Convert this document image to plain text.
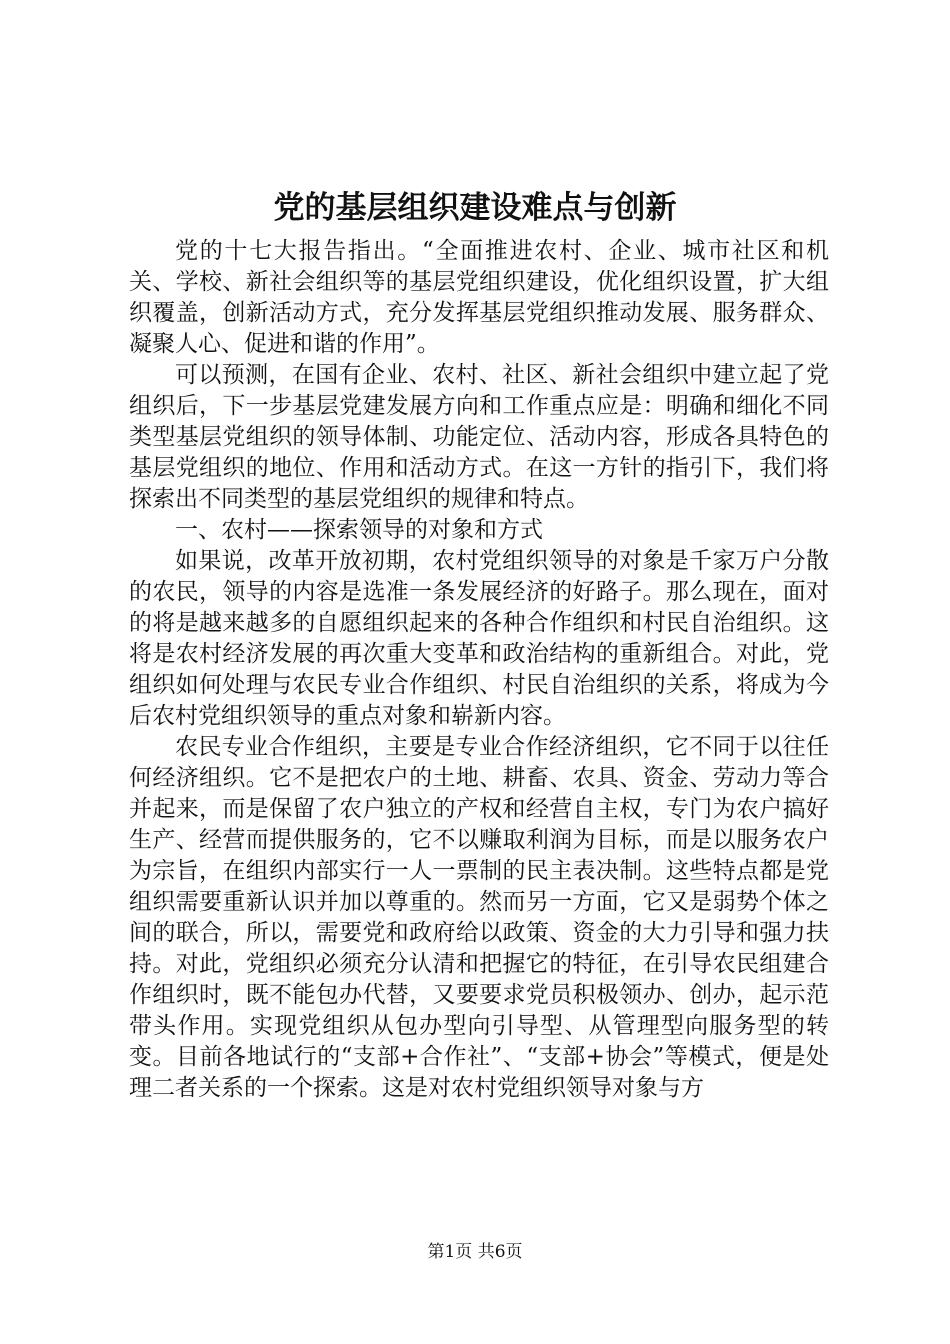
党的基层组织建设难点与创新

党的十七大报告指出。“全面推进农村、企业、城市社区和机关、学校、新社会组织等的基层党组织建设，优化组织设置，扩大组织覆盖，创新活动方式，充分发挥基层党组织推动发展、服务群众、凝聚人心、促进和谐的作用”。

可以预测，在国有企业、农村、社区、新社会组织中建立起了党组织后，下一步基层党建发展方向和工作重点应是：明确和细化不同类型基层党组织的领导体制、功能定位、活动内容，形成各具特色的基层党组织的地位、作用和活动方式。在这一方针的指引下，我们将探索出不同类型的基层党组织的规律和特点。

一、农村——探索领导的对象和方式

如果说，改革开放初期，农村党组织领导的对象是千家万户分散的农民，领导的内容是选准一条发展经济的好路子。那么现在，面对的将是越来越多的自愿组织起来的各种合作组织和村民自治组织。这将是农村经济发展的再次重大变革和政治结构的重新组合。对此，党组织如何处理与农民专业合作组织、村民自治组织的关系，将成为今后农村党组织领导的重点对象和崭新内容。

农民专业合作组织，主要是专业合作经济组织，它不同于以往任何经济组织。它不是把农户的土地、耕畜、农具、资金、劳动力等合并起来，而是保留了农户独立的产权和经营自主权，专门为农户搞好生产、经营而提供服务的，它不以赚取利润为目标，而是以服务农户为宗旨，在组织内部实行一人一票制的民主表决制。这些特点都是党组织需要重新认识并加以尊重的。然而另一方面，它又是弱势个体之间的联合，所以，需要党和政府给以政策、资金的大力引导和强力扶持。对此，党组织必须充分认清和把握它的特征，在引导农民组建合作组织时，既不能包办代替，又要要求党员积极领办、创办，起示范带头作用。实现党组织从包办型向引导型、从管理型向服务型的转变。目前各地试行的“支部+合作社”、“支部+协会”等模式，便是处理二者关系的一个探索。这是对农村党组织领导对象与方

第1页 共6页
